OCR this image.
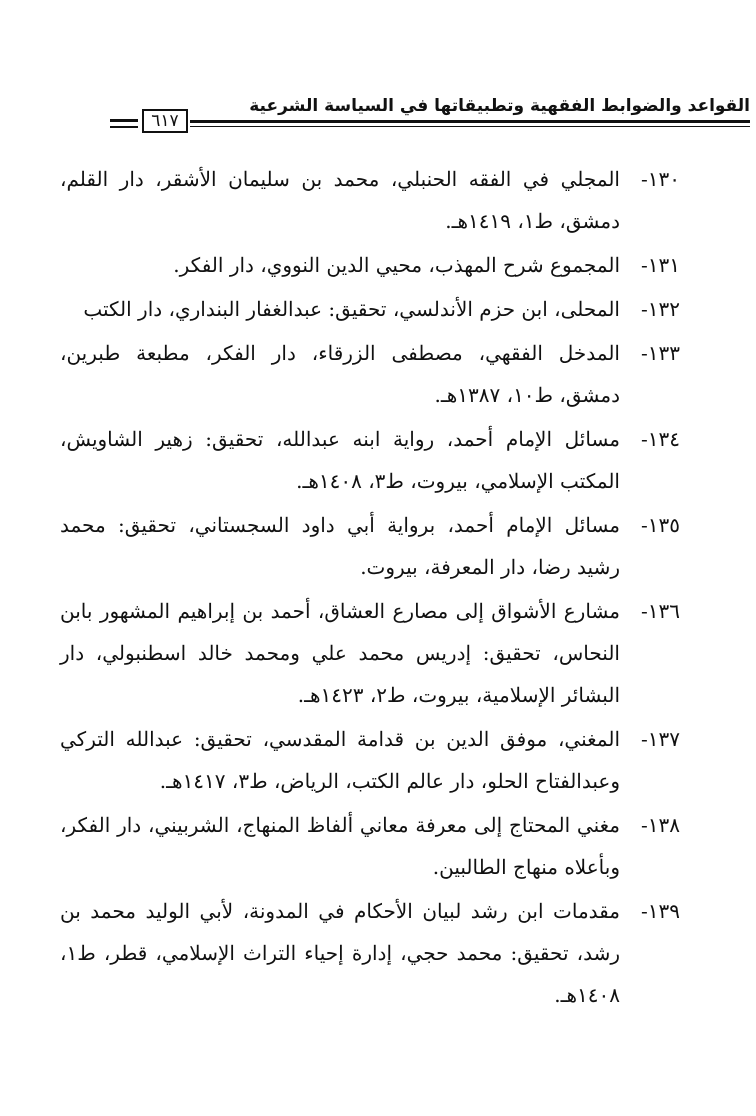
القواعد والضوابط الفقهية وتطبيقاتها في السياسة الشرعية
٦١٧
١٣٠-
المجلي في الفقه الحنبلي، محمد بن سليمان الأشقر، دار القلم، دمشق، ط١، ١٤١٩هـ.
١٣١-
المجموع شرح المهذب، محيي الدين النووي، دار الفكر.
١٣٢-
المحلى، ابن حزم الأندلسي، تحقيق: عبدالغفار البنداري، دار الكتب
١٣٣-
المدخل الفقهي، مصطفى الزرقاء، دار الفكر، مطبعة طبرين، دمشق، ط١٠، ١٣٨٧هـ.
١٣٤-
مسائل الإمام أحمد، رواية ابنه عبدالله، تحقيق: زهير الشاويش، المكتب الإسلامي، بيروت، ط٣، ١٤٠٨هـ.
١٣٥-
مسائل الإمام أحمد، برواية أبي داود السجستاني، تحقيق: محمد رشيد رضا، دار المعرفة، بيروت.
١٣٦-
مشارع الأشواق إلى مصارع العشاق، أحمد بن إبراهيم المشهور بابن النحاس، تحقيق: إدريس محمد علي ومحمد خالد اسطنبولي، دار البشائر الإسلامية، بيروت، ط٢، ١٤٢٣هـ.
١٣٧-
المغني، موفق الدين بن قدامة المقدسي، تحقيق: عبدالله التركي وعبدالفتاح الحلو، دار عالم الكتب، الرياض، ط٣، ١٤١٧هـ.
١٣٨-
مغني المحتاج إلى معرفة معاني ألفاظ المنهاج، الشربيني، دار الفكر، وبأعلاه منهاج الطالبين.
١٣٩-
مقدمات ابن رشد لبيان الأحكام في المدونة، لأبي الوليد محمد بن رشد، تحقيق: محمد حجي، إدارة إحياء التراث الإسلامي، قطر، ط١، ١٤٠٨هـ.
